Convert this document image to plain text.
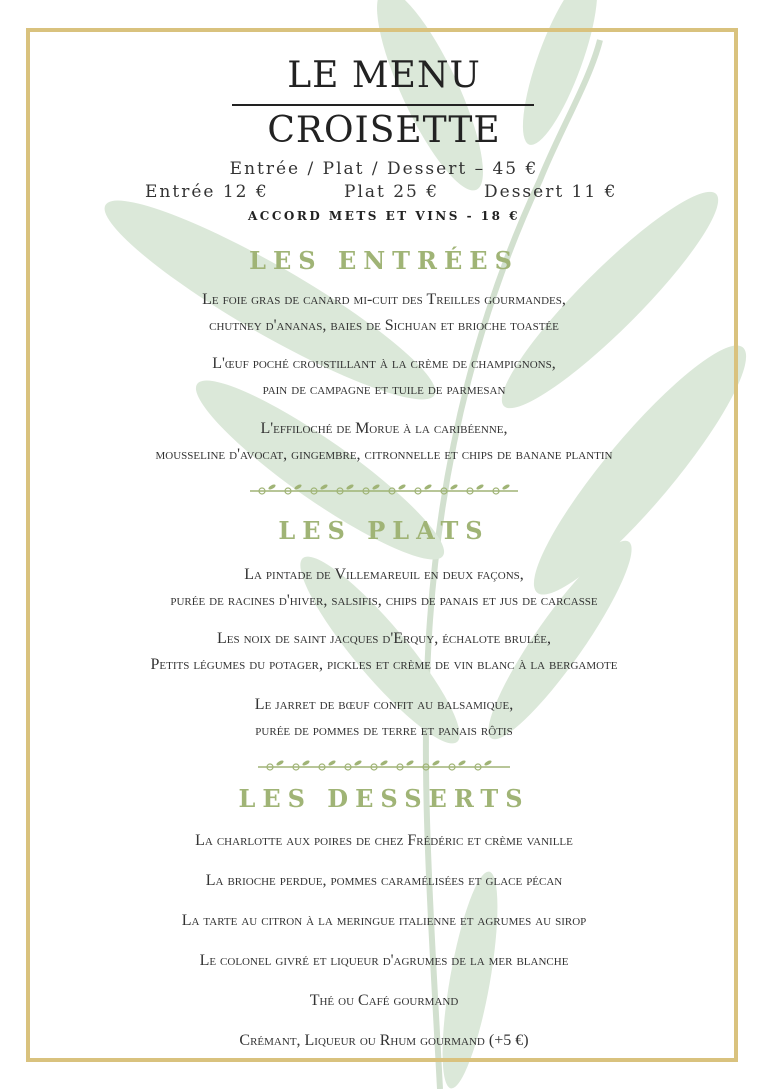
LE MENU
CROISETTE
Entrée / Plat / Dessert – 45 €
Entrée 12 €	Plat 25 €	Dessert 11 €
ACCORD METS ET VINS - 18 €
LES ENTRÉES
Le foie gras de canard mi-cuit des Treilles gourmandes,
chutney d'ananas, baies de Sichuan et brioche toastée
L'œuf poché croustillant à la crème de champignons,
pain de campagne et tuile de parmesan
L'effiloché de Morue à la caribéenne,
mousseline d'avocat, gingembre, citronnelle et chips de banane plantin
LES PLATS
La pintade de Villemareuil en deux façons,
purée de racines d'hiver, salsifis, chips de panais et jus de carcasse
Les noix de saint jacques d'Erquy, échalote brulée,
Petits légumes du potager, pickles et crème de vin blanc à la bergamote
Le jarret de bœuf confit au balsamique,
purée de pommes de terre et panais rôtis
LES DESSERTS
La charlotte aux poires de chez Frédéric et crème vanille
La brioche perdue, pommes caramélisées et glace pécan
La tarte au citron à la meringue italienne et agrumes au sirop
Le colonel givré et liqueur d'agrumes de la mer blanche
Thé ou Café gourmand
Crémant, Liqueur ou Rhum gourmand (+5 €)
